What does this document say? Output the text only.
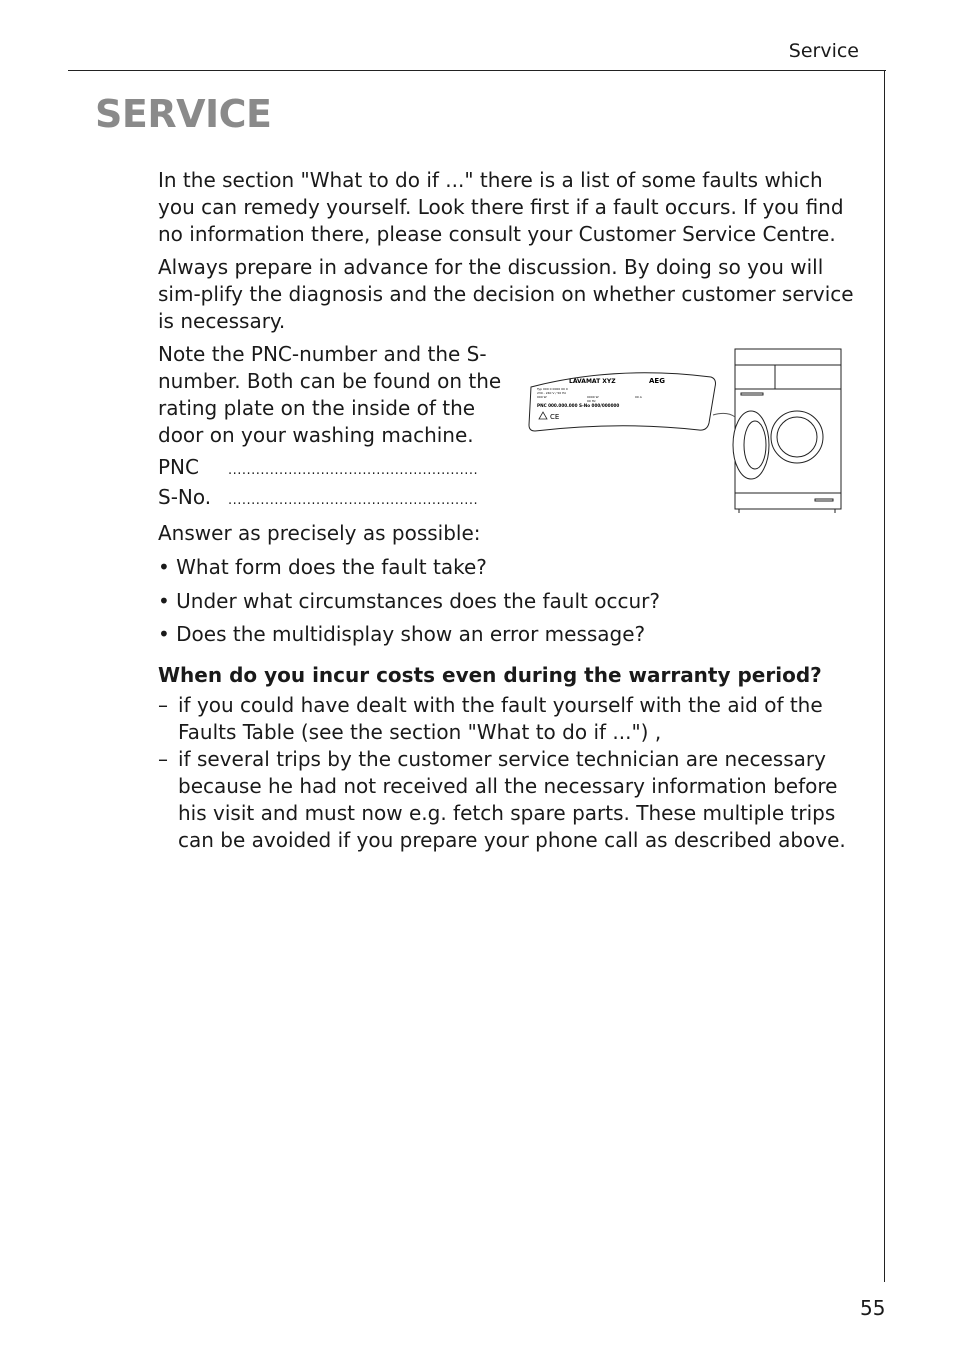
Service
SERVICE

In the section "What to do if ..." there is a list of some faults which you can remedy yourself. Look there first if a fault occurs. If you find no information there, please consult your Customer Service Centre.

Always prepare in advance for the discussion. By doing so you will sim-plify the diagnosis and the decision on whether customer service is necessary.

Note the PNC-number and the S-number. Both can be found on the rating plate on the inside of the door on your washing machine.

PNC	......................................................
S-No.	......................................................
LAVAMAT XYZ	AEG
Typ 000 0 0000 00 0
230 - 240 V / 50 Hz
000 W	0000 W	00 A
00 Hz
PNC 000.000.000 S-No 000/000000
CE

Answer as precisely as possible:

• What form does the fault take?

• Under what circumstances does the fault occur?

• Does the multidisplay show an error message?

When do you incur costs even during the warranty period?

– if you could have dealt with the fault yourself with the aid of the Faults Table (see the section "What to do if ...") ,
– if several trips by the customer service technician are necessary because he had not received all the necessary information before his visit and must now e.g. fetch spare parts. These multiple trips can be avoided if you prepare your phone call as described above.
55
